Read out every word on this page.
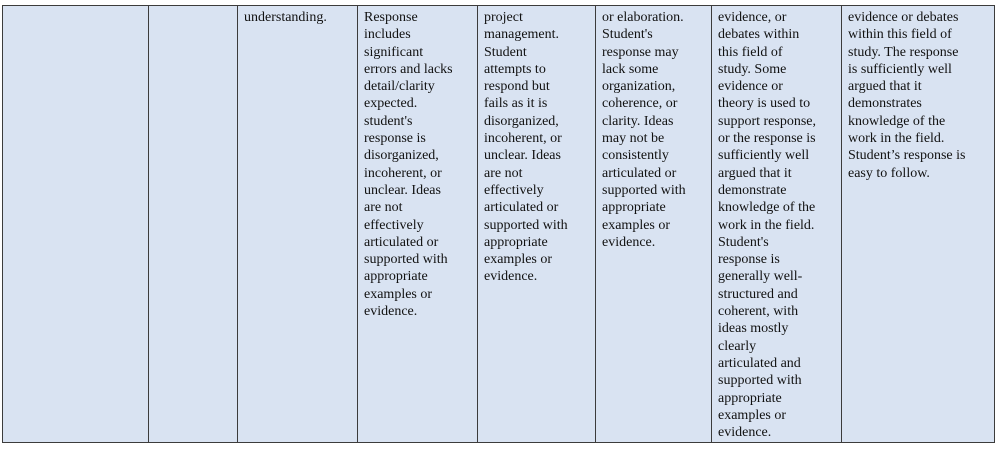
understanding.	Response
includes
significant
errors and lacks
detail/clarity
expected.
student's
response is
disorganized,
incoherent, or
unclear. Ideas
are not
effectively
articulated or
supported with
appropriate
examples or
evidence.
project
management.
Student
attempts to
respond but
fails as it is
disorganized,
incoherent, or
unclear. Ideas
are not
effectively
articulated or
supported with
appropriate
examples or
evidence.
or elaboration.
Student's
response may
lack some
organization,
coherence, or
clarity. Ideas
may not be
consistently
articulated or
supported with
appropriate
examples or
evidence.
evidence, or
debates within
this field of
study. Some
evidence or
theory is used to
support response,
or the response is
sufficiently well
argued that it
demonstrate
knowledge of the
work in the field.
Student's
response is
generally well-
structured and
coherent, with
ideas mostly
clearly
articulated and
supported with
appropriate
examples or
evidence.
evidence or debates
within this field of
study. The response
is sufficiently well
argued that it
demonstrates
knowledge of the
work in the field.
Student’s response is
easy to follow.
